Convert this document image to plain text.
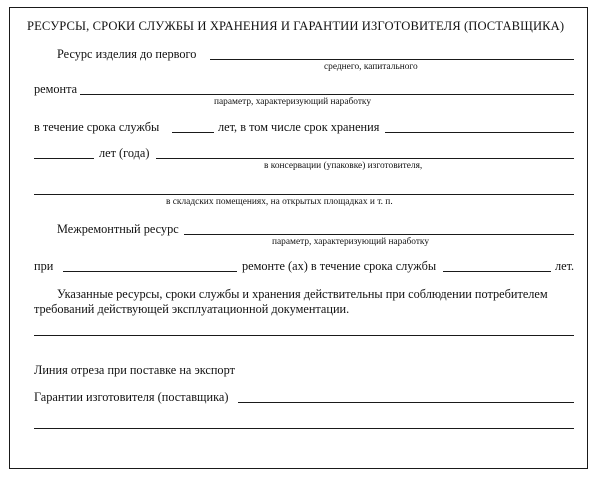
РЕСУРСЫ, СРОКИ СЛУЖБЫ И ХРАНЕНИЯ И ГАРАНТИИ ИЗГОТОВИТЕЛЯ (ПОСТАВЩИКА)
Ресурс изделия до первого
среднего, капитального
ремонта
параметр, характеризующий наработку
в течение срока службы	лет, в том числе срок хранения
лет (года)
в консервации (упаковке) изготовителя,
в складских помещениях, на открытых площадках и т. п.
Межремонтный ресурс
параметр, характеризующий наработку
при	ремонте (ах) в течение срока службы	лет.
Указанные ресурсы, сроки службы и хранения действительны при соблюдении потребителем
требований действующей эксплуатационной документации.
Линия отреза при поставке на экспорт
Гарантии изготовителя (поставщика)
